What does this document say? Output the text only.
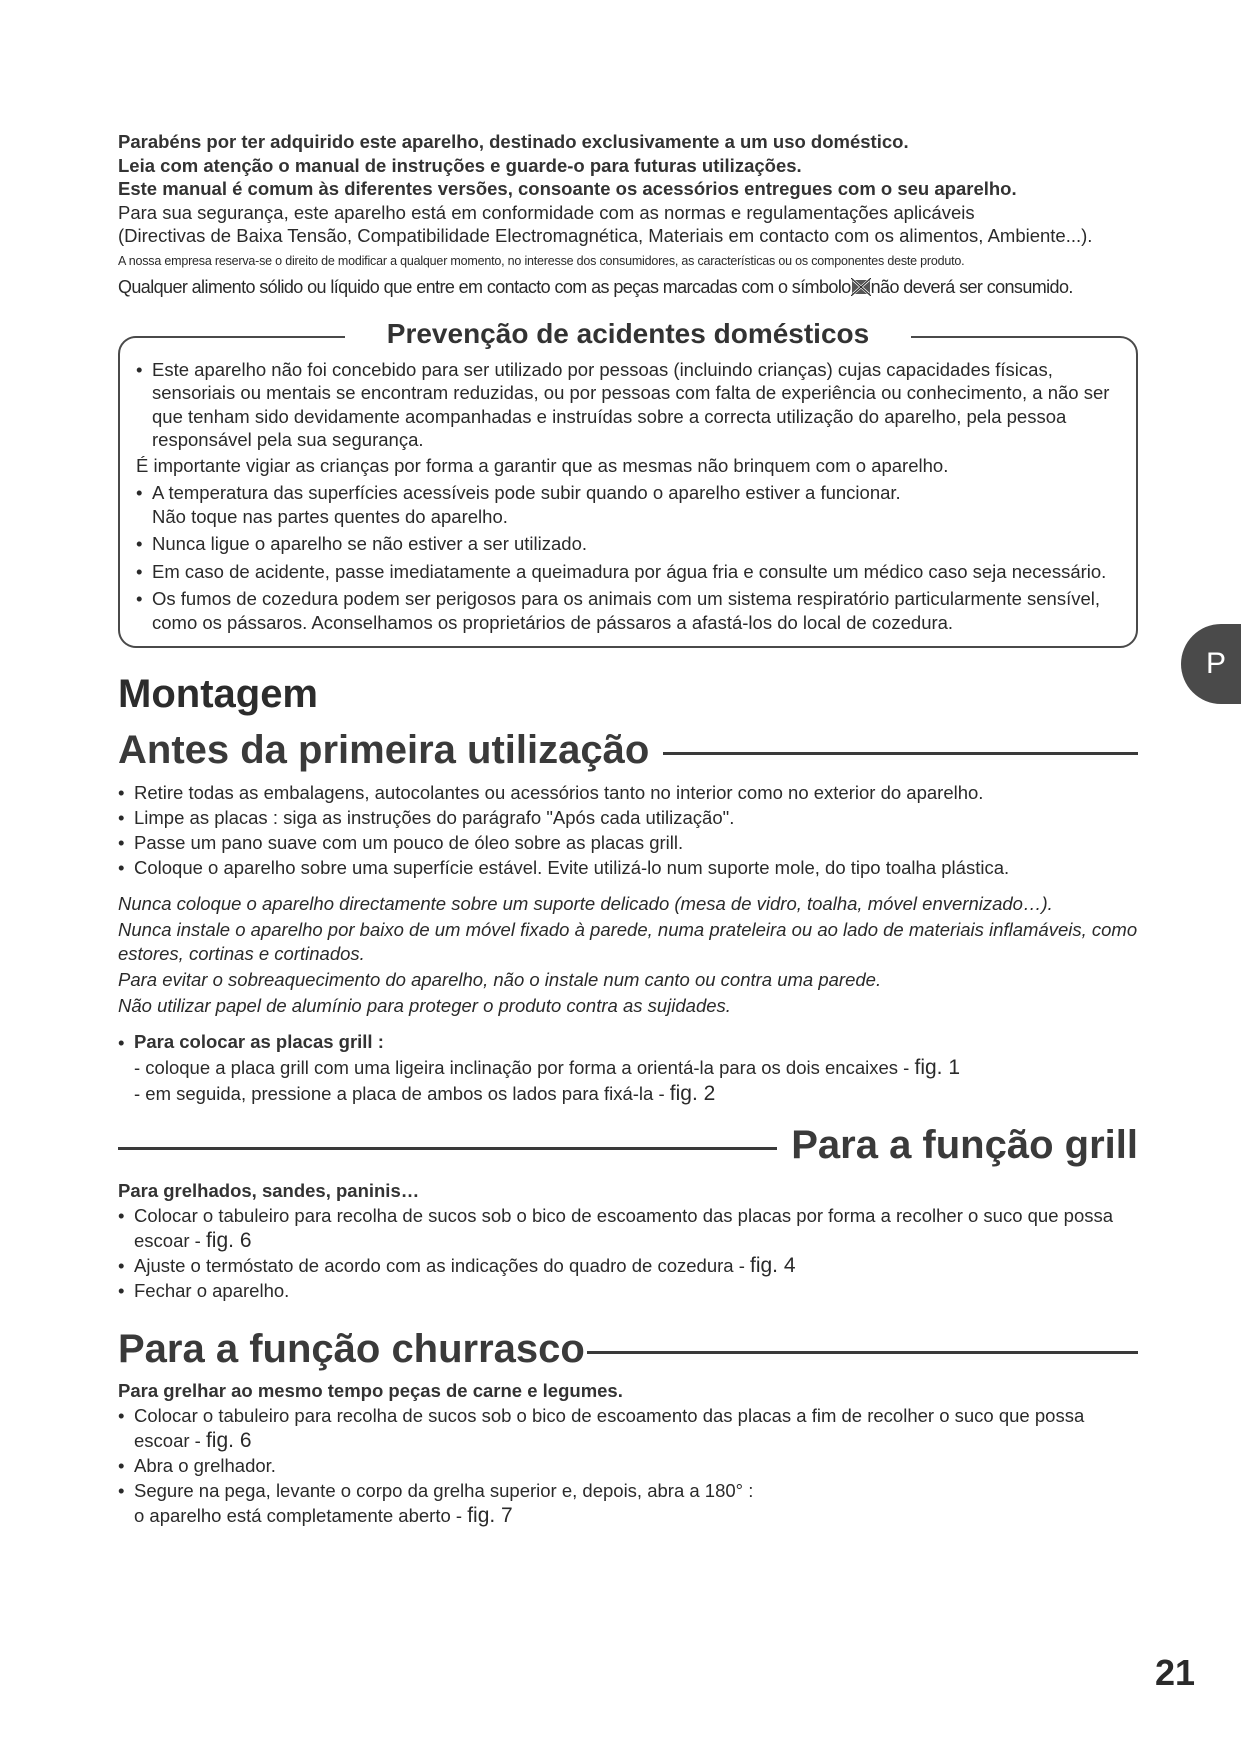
Parabéns por ter adquirido este aparelho, destinado exclusivamente a um uso doméstico.

Leia com atenção o manual de instruções e guarde-o para futuras utilizações.

Este manual é comum às diferentes versões, consoante os acessórios entregues com o seu aparelho.

Para sua segurança, este aparelho está em conformidade com as normas e regulamentações aplicáveis

(Directivas de Baixa Tensão, Compatibilidade Electromagnética, Materiais em contacto com os alimentos, Ambiente...).

A nossa empresa reserva-se o direito de modificar a qualquer momento, no interesse dos consumidores, as características ou os componentes deste produto.

Qualquer alimento sólido ou líquido que entre em contacto com as peças marcadas com o símbolo não deverá ser consumido.

Prevenção de acidentes domésticos
• Este aparelho não foi concebido para ser utilizado por pessoas (incluindo crianças) cujas capacidades físicas, sensoriais ou mentais se encontram reduzidas, ou por pessoas com falta de experiência ou conhecimento, a não ser que tenham sido devidamente acompanhadas e instruídas sobre a correcta utilização do aparelho, pela pessoa responsável pela sua segurança.
É importante vigiar as crianças por forma a garantir que as mesmas não brinquem com o aparelho.
• A temperatura das superfícies acessíveis pode subir quando o aparelho estiver a funcionar.
Não toque nas partes quentes do aparelho.
• Nunca ligue o aparelho se não estiver a ser utilizado.
• Em caso de acidente, passe imediatamente a queimadura por água fria e consulte um médico caso seja necessário.
• Os fumos de cozedura podem ser perigosos para os animais com um sistema respiratório particularmente sensível, como os pássaros. Aconselhamos os proprietários de pássaros a afastá-los do local de cozedura.
Montagem
Antes da primeira utilização
• Retire todas as embalagens, autocolantes ou acessórios tanto no interior como no exterior do aparelho.
• Limpe as placas : siga as instruções do parágrafo "Após cada utilização".
• Passe um pano suave com um pouco de óleo sobre as placas grill.
• Coloque o aparelho sobre uma superfície estável. Evite utilizá-lo num suporte mole, do tipo toalha plástica.

Nunca coloque o aparelho directamente sobre um suporte delicado (mesa de vidro, toalha, móvel envernizado…).

Nunca instale o aparelho por baixo de um móvel fixado à parede, numa prateleira ou ao lado de materiais inflamáveis, como estores, cortinas e cortinados.

Para evitar o sobreaquecimento do aparelho, não o instale num canto ou contra uma parede.

Não utilizar papel de alumínio para proteger o produto contra as sujidades.

• Para colocar as placas grill :
- coloque a placa grill com uma ligeira inclinação por forma a orientá-la para os dois encaixes - fig. 1
- em seguida, pressione a placa de ambos os lados para fixá-la - fig. 2
Para a função grill

Para grelhados, sandes, paninis…

• Colocar o tabuleiro para recolha de sucos sob o bico de escoamento das placas por forma a recolher o suco que possa escoar - fig. 6
• Ajuste o termóstato de acordo com as indicações do quadro de cozedura - fig. 4
• Fechar o aparelho.
Para a função churrasco

Para grelhar ao mesmo tempo peças de carne e legumes.

• Colocar o tabuleiro para recolha de sucos sob o bico de escoamento das placas a fim de recolher o suco que possa escoar - fig. 6
• Abra o grelhador.
• Segure na pega, levante o corpo da grelha superior e, depois, abra a 180° :
o aparelho está completamente aberto - fig. 7
P
21
